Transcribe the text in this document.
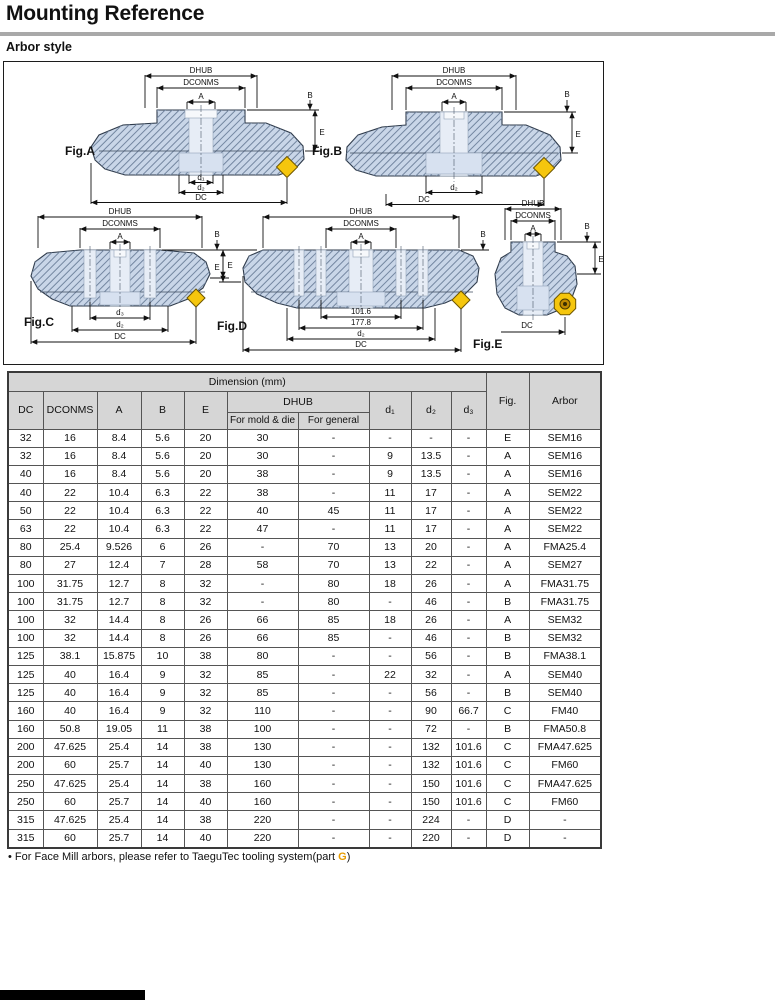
Mounting Reference
Arbor style
DHUB
DCONMS
A	B
E
d₁
d₂
DC
Fig.A
DHUB
DCONMS
A	B
E
d₂
DC
Fig.B
DHUB
DCONMS
A	B
E
d₃
d₂
DC
Fig.C
DHUB
DCONMS
A	B
E
101.6
177.8
d₂
DC
Fig.D
DHUB
DCONMS
A	B
E
DC
Fig.E
Dimension (mm)										Fig.	Arbor
DC	DCONMS	A	B	E	DHUB		d₁	d₂	d₃		
					For mold & die	For general					
32	16	8.4	5.6	20	30	-	-	-	-	E	SEM16
32	16	8.4	5.6	20	30	-	9	13.5	-	A	SEM16
40	16	8.4	5.6	20	38	-	9	13.5	-	A	SEM16
40	22	10.4	6.3	22	38	-	11	17	-	A	SEM22
50	22	10.4	6.3	22	40	45	11	17	-	A	SEM22
63	22	10.4	6.3	22	47	-	11	17	-	A	SEM22
80	25.4	9.526	6	26	-	70	13	20	-	A	FMA25.4
80	27	12.4	7	28	58	70	13	22	-	A	SEM27
100	31.75	12.7	8	32	-	80	18	26	-	A	FMA31.75
100	31.75	12.7	8	32	-	80	-	46	-	B	FMA31.75
100	32	14.4	8	26	66	85	18	26	-	A	SEM32
100	32	14.4	8	26	66	85	-	46	-	B	SEM32
125	38.1	15.875	10	38	80	-	-	56	-	B	FMA38.1
125	40	16.4	9	32	85	-	22	32	-	A	SEM40
125	40	16.4	9	32	85	-	-	56	-	B	SEM40
160	40	16.4	9	32	110	-	-	90	66.7	C	FM40
160	50.8	19.05	11	38	100	-	-	72	-	B	FMA50.8
200	47.625	25.4	14	38	130	-	-	132	101.6	C	FMA47.625
200	60	25.7	14	40	130	-	-	132	101.6	C	FM60
250	47.625	25.4	14	38	160	-	-	150	101.6	C	FMA47.625
250	60	25.7	14	40	160	-	-	150	101.6	C	FM60
315	47.625	25.4	14	38	220	-	-	224	-	D	-
315	60	25.7	14	40	220	-	-	220	-	D	-
• For Face Mill arbors, please refer to TaeguTec tooling system(part G)
